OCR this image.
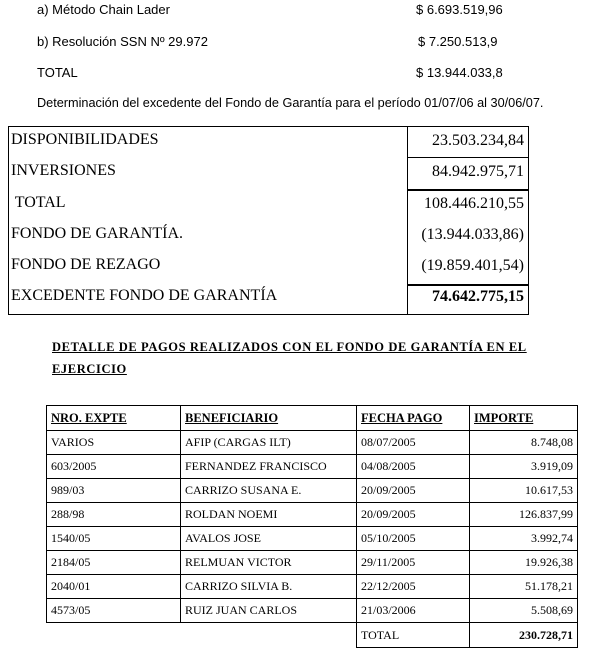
a) Método Chain Lader	$ 6.693.519,96
b) Resolución SSN Nº 29.972	$ 7.250.513,9
TOTAL	$ 13.944.033,8
Determinación del excedente del Fondo de Garantía para el período 01/07/06 al 30/06/07.
DISPONIBILIDADES	23.503.234,84
INVERSIONES	84.942.975,71
TOTAL	108.446.210,55
FONDO DE GARANTÍA.	(13.944.033,86)
FONDO DE REZAGO	(19.859.401,54)
EXCEDENTE FONDO DE GARANTÍA	74.642.775,15
DETALLE DE PAGOS REALIZADOS CON EL FONDO DE GARANTÍA EN EL
EJERCICIO
NRO. EXPTE	BENEFICIARIO	FECHA PAGO	IMPORTE
VARIOS	AFIP (CARGAS ILT)	08/07/2005	8.748,08
603/2005	FERNANDEZ FRANCISCO	04/08/2005	3.919,09
989/03	CARRIZO SUSANA E.	20/09/2005	10.617,53
288/98	ROLDAN NOEMI	20/09/2005	126.837,99
1540/05	AVALOS JOSE	05/10/2005	3.992,74
2184/05	RELMUAN VICTOR	29/11/2005	19.926,38
2040/01	CARRIZO SILVIA B.	22/12/2005	51.178,21
4573/05	RUIZ JUAN CARLOS	21/03/2006	5.508,69
		TOTAL	230.728,71
